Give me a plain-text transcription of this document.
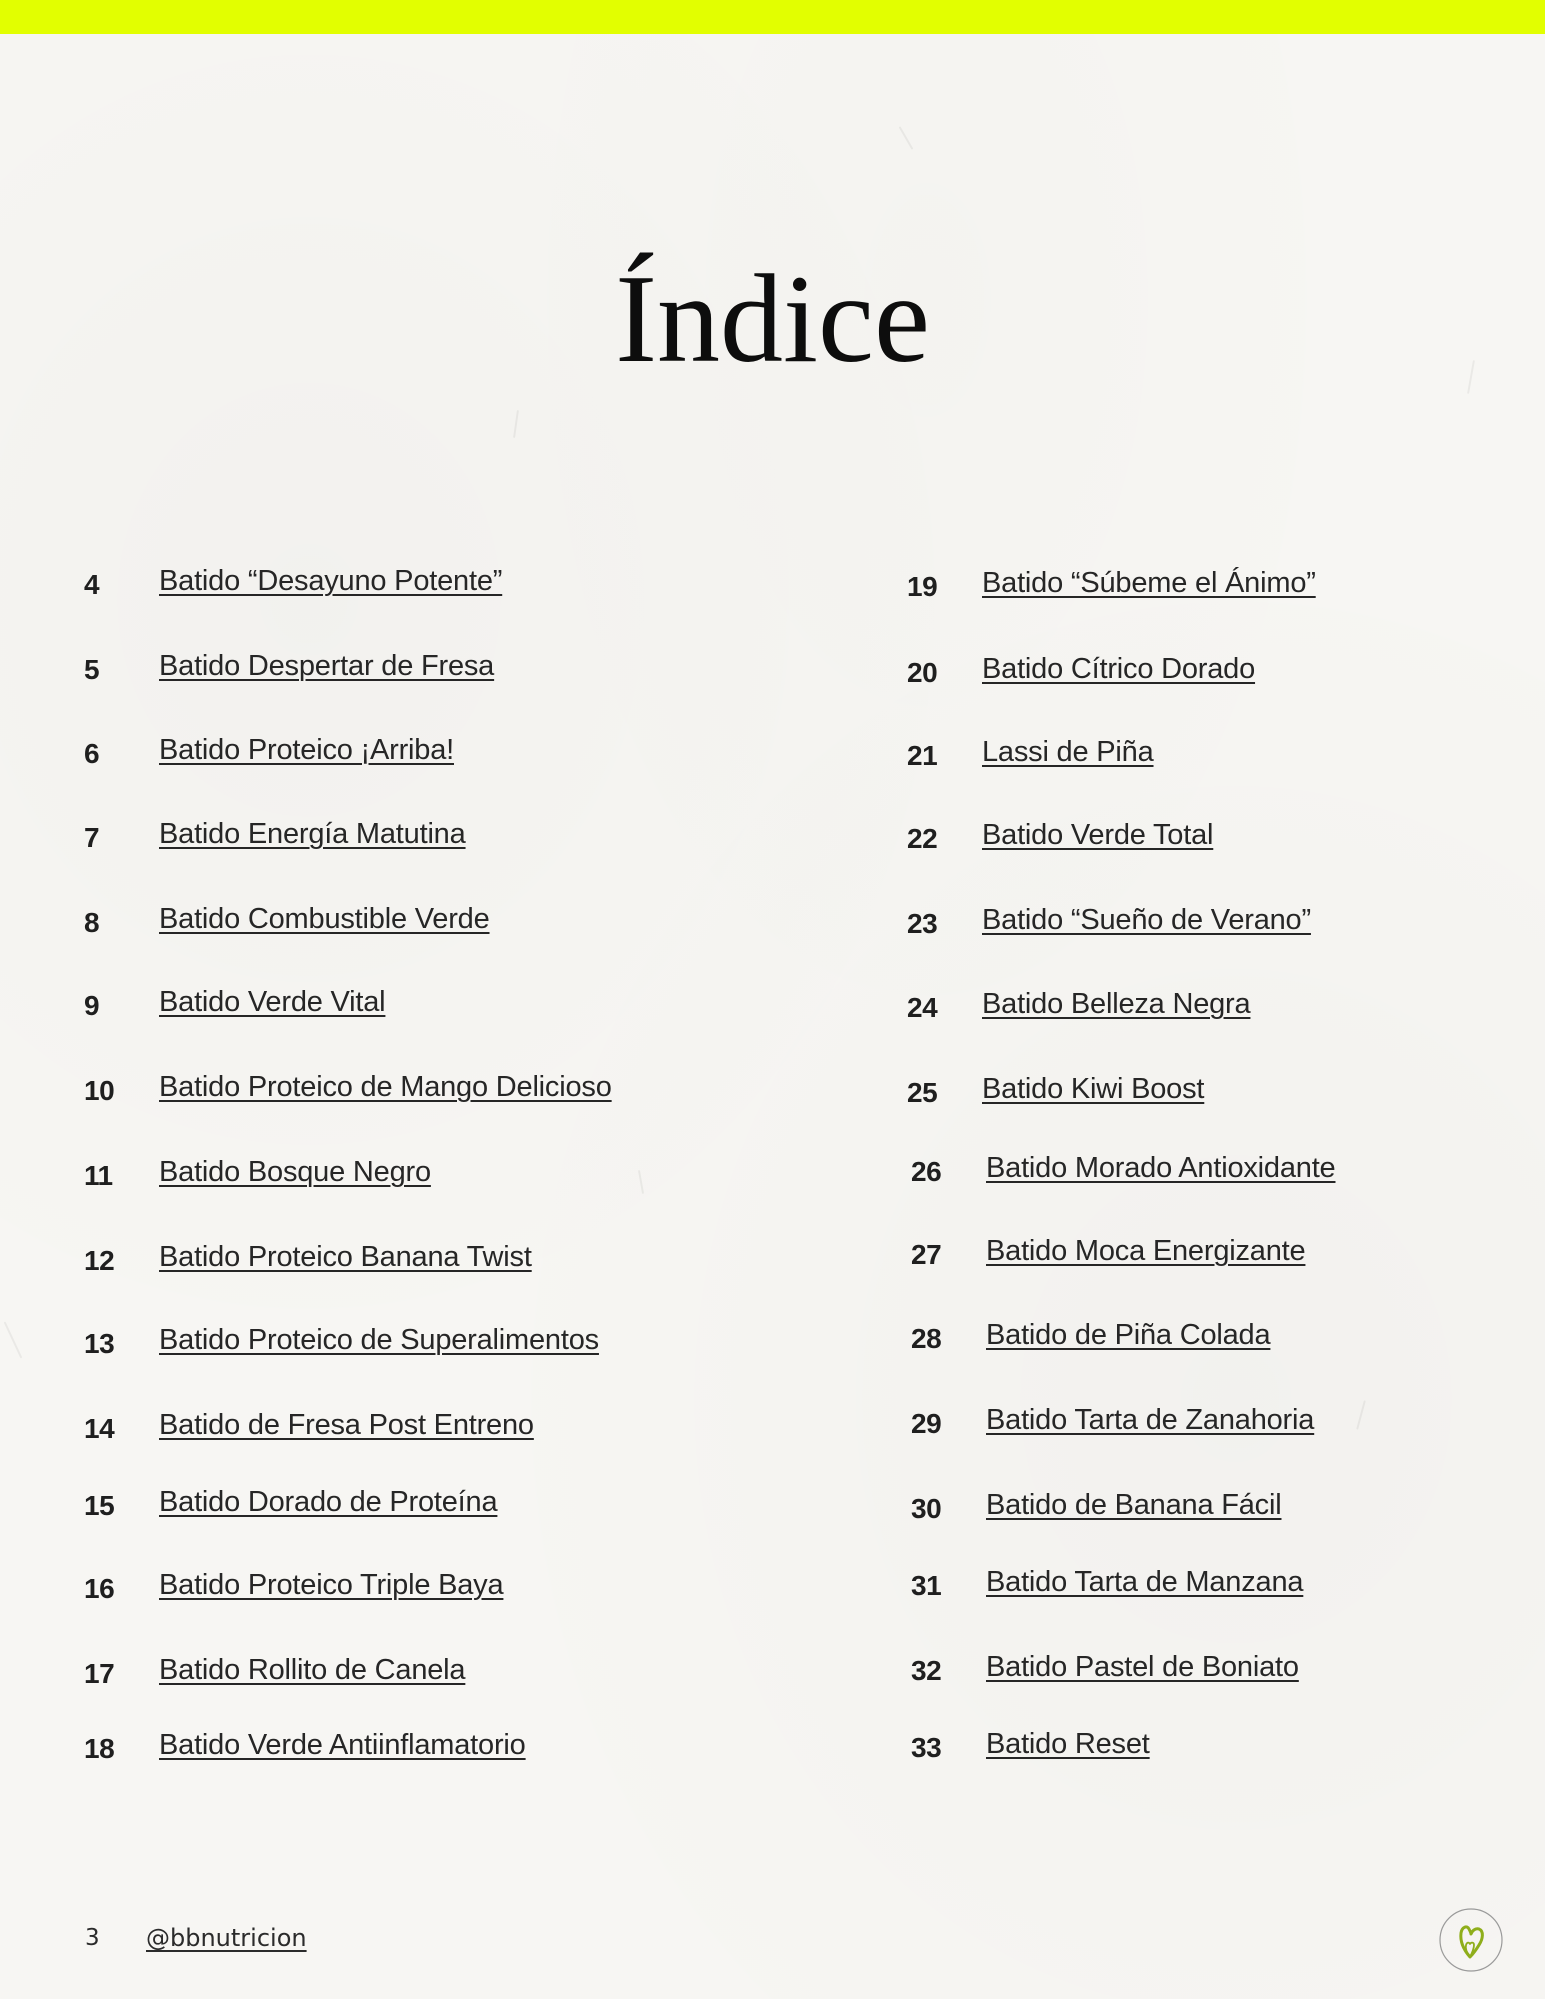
Índice
4 Batido “Desayuno Potente”
5 Batido Despertar de Fresa
6 Batido Proteico ¡Arriba!
7 Batido Energía Matutina
8 Batido Combustible Verde
9 Batido Verde Vital
10 Batido Proteico de Mango Delicioso
11 Batido Bosque Negro
12 Batido Proteico Banana Twist
13 Batido Proteico de Superalimentos
14 Batido de Fresa Post Entreno
15 Batido Dorado de Proteína
16 Batido Proteico Triple Baya
17 Batido Rollito de Canela
18 Batido Verde Antiinflamatorio
19 Batido “Súbeme el Ánimo”
20 Batido Cítrico Dorado
21 Lassi de Piña
22 Batido Verde Total
23 Batido “Sueño de Verano”
24 Batido Belleza Negra
25 Batido Kiwi Boost
26 Batido Morado Antioxidante
27 Batido Moca Energizante
28 Batido de Piña Colada
29 Batido Tarta de Zanahoria
30 Batido de Banana Fácil
31 Batido Tarta de Manzana
32 Batido Pastel de Boniato
33 Batido Reset
3 @bbnutricion
